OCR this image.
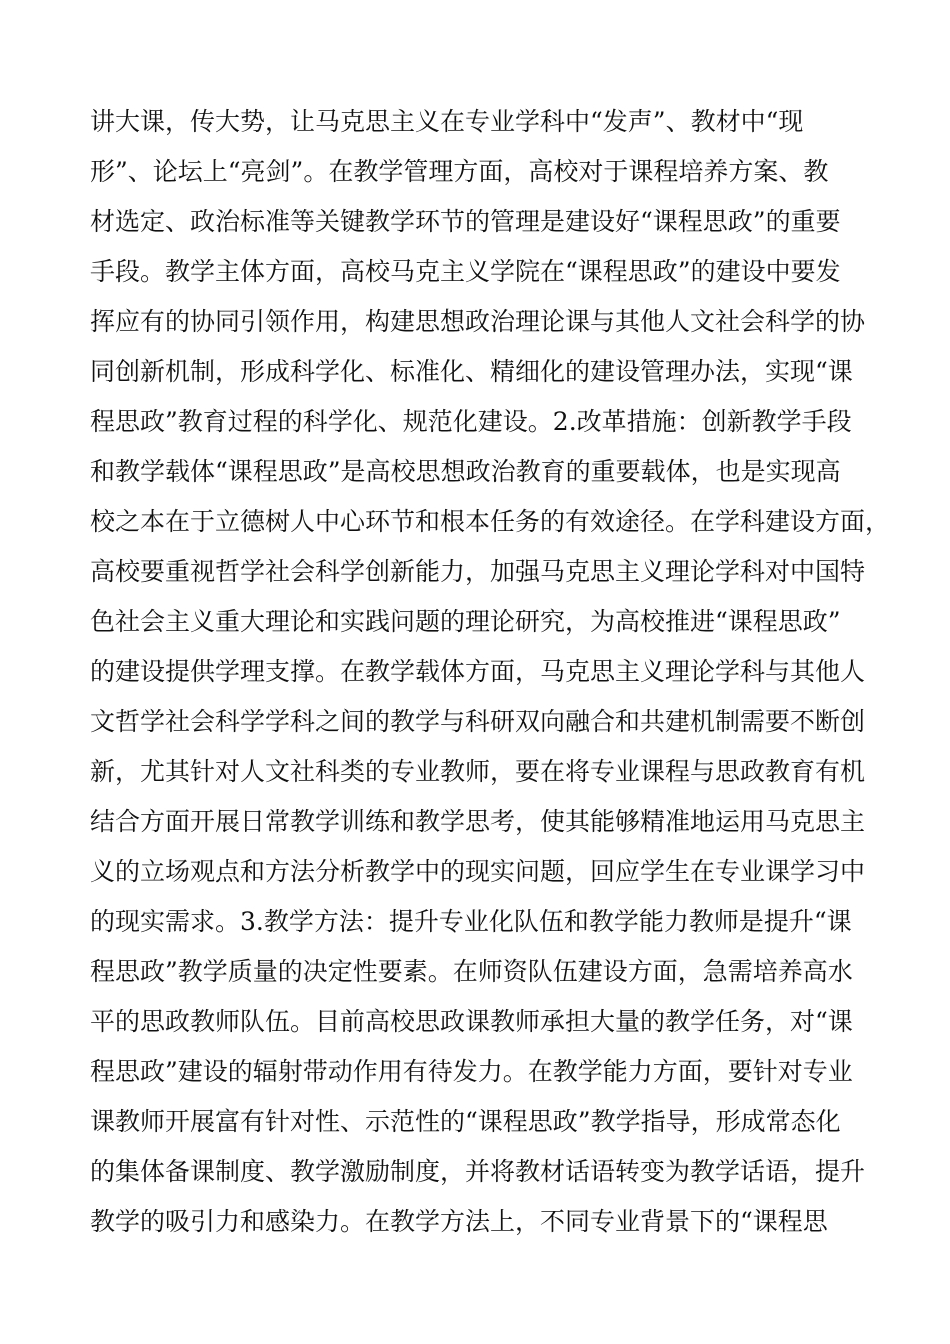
讲大课，传大势，让马克思主义在专业学科中“发声”、教材中“现
形”、论坛上“亮剑”。在教学管理方面，高校对于课程培养方案、教
材选定、政治标准等关键教学环节的管理是建设好“课程思政”的重要
手段。教学主体方面，高校马克主义学院在“课程思政”的建设中要发
挥应有的协同引领作用，构建思想政治理论课与其他人文社会科学的协
同创新机制，形成科学化、标准化、精细化的建设管理办法，实现“课
程思政”教育过程的科学化、规范化建设。2.改革措施：创新教学手段
和教学载体“课程思政”是高校思想政治教育的重要载体，也是实现高
校之本在于立德树人中心环节和根本任务的有效途径。在学科建设方面，
高校要重视哲学社会科学创新能力，加强马克思主义理论学科对中国特
色社会主义重大理论和实践问题的理论研究，为高校推进“课程思政”
的建设提供学理支撑。在教学载体方面，马克思主义理论学科与其他人
文哲学社会科学学科之间的教学与科研双向融合和共建机制需要不断创
新，尤其针对人文社科类的专业教师，要在将专业课程与思政教育有机
结合方面开展日常教学训练和教学思考，使其能够精准地运用马克思主
义的立场观点和方法分析教学中的现实问题，回应学生在专业课学习中
的现实需求。3.教学方法：提升专业化队伍和教学能力教师是提升“课
程思政”教学质量的决定性要素。在师资队伍建设方面，急需培养高水
平的思政教师队伍。目前高校思政课教师承担大量的教学任务，对“课
程思政”建设的辐射带动作用有待发力。在教学能力方面，要针对专业
课教师开展富有针对性、示范性的“课程思政”教学指导，形成常态化
的集体备课制度、教学激励制度，并将教材话语转变为教学话语，提升
教学的吸引力和感染力。在教学方法上，不同专业背景下的“课程思
